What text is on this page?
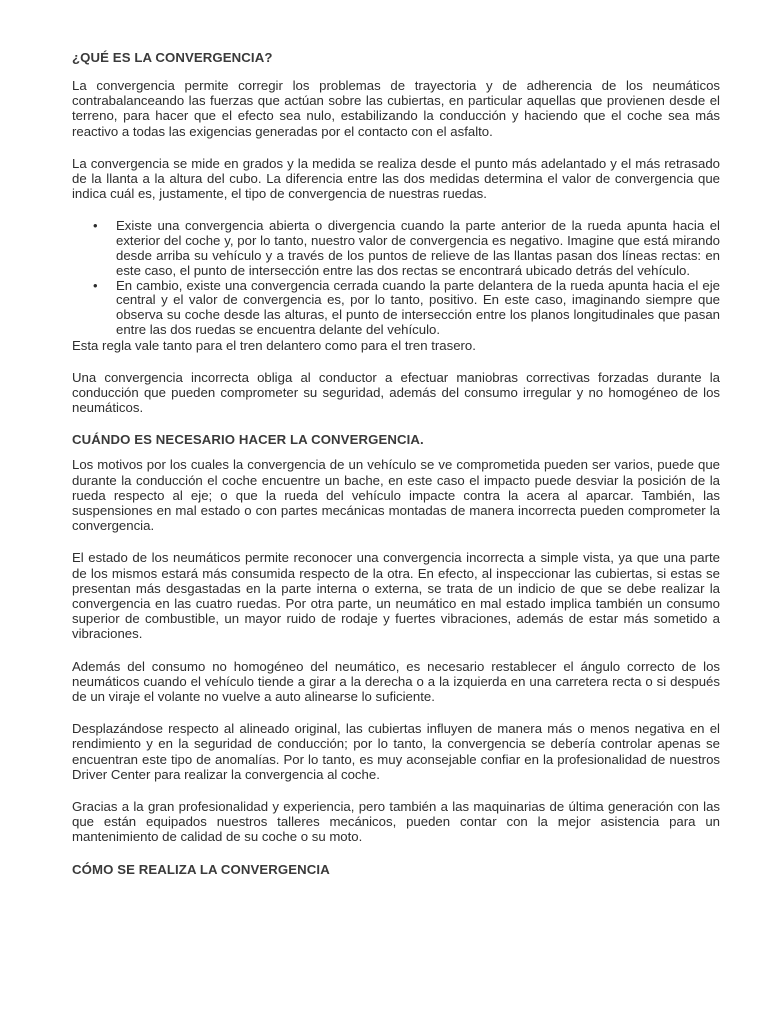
¿QUÉ ES LA CONVERGENCIA?

La convergencia permite corregir los problemas de trayectoria y de adherencia de los neumáticos contrabalanceando las fuerzas que actúan sobre las cubiertas, en particular aquellas que provienen desde el terreno, para hacer que el efecto sea nulo, estabilizando la conducción y haciendo que el coche sea más reactivo a todas las exigencias generadas por el contacto con el asfalto.

La convergencia se mide en grados y la medida se realiza desde el punto más adelantado y el más retrasado de la llanta a la altura del cubo. La diferencia entre las dos medidas determina el valor de convergencia que indica cuál es, justamente, el tipo de convergencia de nuestras ruedas.

• Existe una convergencia abierta o divergencia cuando la parte anterior de la rueda apunta hacia el exterior del coche y, por lo tanto, nuestro valor de convergencia es negativo. Imagine que está mirando desde arriba su vehículo y a través de los puntos de relieve de las llantas pasan dos líneas rectas: en este caso, el punto de intersección entre las dos rectas se encontrará ubicado detrás del vehículo.
• En cambio, existe una convergencia cerrada cuando la parte delantera de la rueda apunta hacia el eje central y el valor de convergencia es, por lo tanto, positivo. En este caso, imaginando siempre que observa su coche desde las alturas, el punto de intersección entre los planos longitudinales que pasan entre las dos ruedas se encuentra delante del vehículo.

Esta regla vale tanto para el tren delantero como para el tren trasero.

Una convergencia incorrecta obliga al conductor a efectuar maniobras correctivas forzadas durante la conducción que pueden comprometer su seguridad, además del consumo irregular y no homogéneo de los neumáticos.

CUÁNDO ES NECESARIO HACER LA CONVERGENCIA.

Los motivos por los cuales la convergencia de un vehículo se ve comprometida pueden ser varios, puede que durante la conducción el coche encuentre un bache, en este caso el impacto puede desviar la posición de la rueda respecto al eje; o que la rueda del vehículo impacte contra la acera al aparcar. También, las suspensiones en mal estado o con partes mecánicas montadas de manera incorrecta pueden comprometer la convergencia.

El estado de los neumáticos permite reconocer una convergencia incorrecta a simple vista, ya que una parte de los mismos estará más consumida respecto de la otra. En efecto, al inspeccionar las cubiertas, si estas se presentan más desgastadas en la parte interna o externa, se trata de un indicio de que se debe realizar la convergencia en las cuatro ruedas. Por otra parte, un neumático en mal estado implica también un consumo superior de combustible, un mayor ruido de rodaje y fuertes vibraciones, además de estar más sometido a vibraciones.

Además del consumo no homogéneo del neumático, es necesario restablecer el ángulo correcto de los neumáticos cuando el vehículo tiende a girar a la derecha o a la izquierda en una carretera recta o si después de un viraje el volante no vuelve a auto alinearse lo suficiente.

Desplazándose respecto al alineado original, las cubiertas influyen de manera más o menos negativa en el rendimiento y en la seguridad de conducción; por lo tanto, la convergencia se debería controlar apenas se encuentran este tipo de anomalías. Por lo tanto, es muy aconsejable confiar en la profesionalidad de nuestros Driver Center para realizar la convergencia al coche.

Gracias a la gran profesionalidad y experiencia, pero también a las maquinarias de última generación con las que están equipados nuestros talleres mecánicos, pueden contar con la mejor asistencia para un mantenimiento de calidad de su coche o su moto.

CÓMO SE REALIZA LA CONVERGENCIA
